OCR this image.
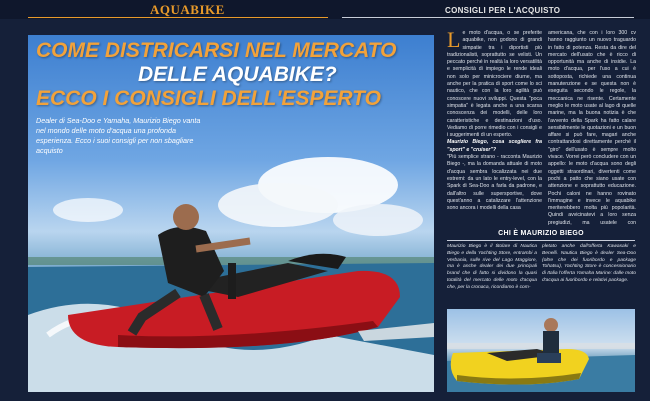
AQUABIKE	CONSIGLI PER L'ACQUISTO
COME DISTRICARSI NEL MERCATO
DELLE AQUABIKE?
ECCO I CONSIGLI DELL'ESPERTO
Dealer di Sea-Doo e Yamaha, Maurizio Biego vanta nel mondo delle moto d'acqua una profonda esperienza. Ecco i suoi consigli per non sbagliare acquisto
Le moto d'acqua, o se preferite aquabike, non godono di grandi simpatie tra i diportisti più tradizionalisti, soprattutto se velisti. Un peccato perché in realtà la loro versatilità e semplicità di impiego le rende ideali non solo per minicrociere diurne, ma anche per la pratica di sport come lo sci nautico, che con la loro agilità può conoscere nuovi sviluppi. Questa "poca simpatia" è legata anche a una scarsa conoscenza dei modelli, delle loro caratteristiche e destinazioni d'uso. Vediamo di porre rimedio con i consigli e i suggerimenti di un esperto.
Maurizio Biego, cosa scegliere fra "sport" e "cruiser"?
"Più semplice strano - racconta Maurizio Biego -, ma la domanda attuale di moto d'acqua sembra localizzata nei due estremi: da un lato le entry-level, con la Spark di Sea-Doo a farla da padrone, e dall'altro sulle supersportive, dove quest'anno a catalizzare l'attenzione sono ancora i modelli della casa
americana, che con i loro 300 cv hanno raggiunto un nuovo traguardo in fatto di potenza. Resta da dire del mercato dell'usato che è ricco di opportunità ma anche di insidie. La moto d'acqua, per l'uso a cui è sottoposta, richiede una continua manutenzione e se questa non è eseguita secondo le regole, la meccanica ne risente. Certamente meglio le moto usate al lago di quelle marine, ma la buona notizia è che l'avvento della Spark ha fatto calare sensibilmente le quotazioni e un buon affare si può fare, magari anche contrattandosi direttamente perché il "giro" dell'usato è sempre molto vivace. Vorrei però concludere con un appello: le moto d'acqua sono degli oggetti straordinari, divertenti come pochi a patto che siano usate con attenzione e soprattutto educazione. Pochi caloni ne hanno rovinato l'immagine e invece le aquabike meriterebbero molta più popolarità. Quindi avvicinatevi a loro senza pregiudizi, ma usatele con
CHI È MAURIZIO BIEGO
Maurizio Biego è il titolare di Nautica Biego e della Yachting Store, entrambi a Verbania, sulle rive del Lago Maggiore, ma è anche dealer dei due principali brand che di fatto si dividono la quasi totalità del mercato delle moto d'acqua che, per la cronaca, ricordiamo è com-
pletato anche dall'offerta Kawasaki e Benelli. Nautica Biego è dealer Sea-Doo (oltre che dei fuoribordo e package Tohatsu), Yachting Store è concessionario di Italia l'offerta Yamaha Marine: dalle moto d'acqua ai fuoribordo e relativi package.
